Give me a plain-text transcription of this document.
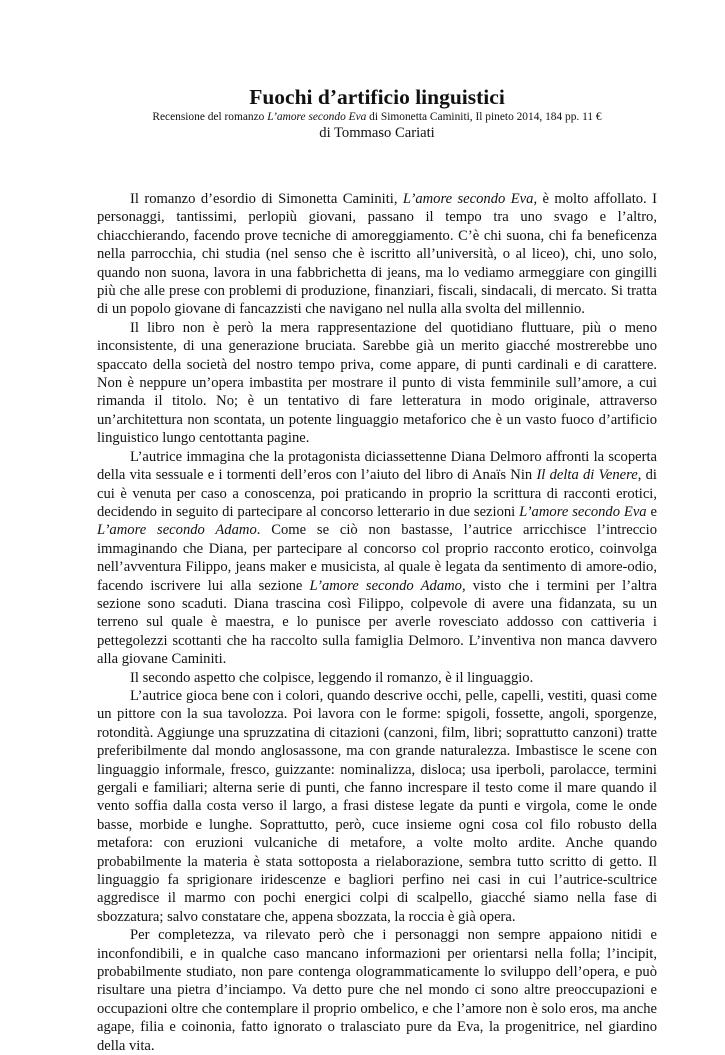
Fuochi d’artificio linguistici

Recensione del romanzo L’amore secondo Eva di Simonetta Caminiti, Il pineto 2014, 184 pp. 11 €

di Tommaso Cariati

Il romanzo d’esordio di Simonetta Caminiti, L’amore secondo Eva, è molto affollato. I personaggi, tantissimi, perlopiù giovani, passano il tempo tra uno svago e l’altro, chiacchierando, facendo prove tecniche di amoreggiamento. C’è chi suona, chi fa beneficenza nella parrocchia, chi studia (nel senso che è iscritto all’università, o al liceo), chi, uno solo, quando non suona, lavora in una fabbrichetta di jeans, ma lo vediamo armeggiare con gingilli più che alle prese con problemi di produzione, finanziari, fiscali, sindacali, di mercato. Si tratta di un popolo giovane di fancazzisti che navigano nel nulla alla svolta del millennio.

Il libro non è però la mera rappresentazione del quotidiano fluttuare, più o meno inconsistente, di una generazione bruciata. Sarebbe già un merito giacché mostrerebbe uno spaccato della società del nostro tempo priva, come appare, di punti cardinali e di carattere. Non è neppure un’opera imbastita per mostrare il punto di vista femminile sull’amore, a cui rimanda il titolo. No; è un tentativo di fare letteratura in modo originale, attraverso un’architettura non scontata, un potente linguaggio metaforico che è un vasto fuoco d’artificio linguistico lungo centottanta pagine.

L’autrice immagina che la protagonista diciassettenne Diana Delmoro affronti la scoperta della vita sessuale e i tormenti dell’eros con l’aiuto del libro di Anaïs Nin Il delta di Venere, di cui è venuta per caso a conoscenza, poi praticando in proprio la scrittura di racconti erotici, decidendo in seguito di partecipare al concorso letterario in due sezioni L’amore secondo Eva e L’amore secondo Adamo. Come se ciò non bastasse, l’autrice arricchisce l’intreccio immaginando che Diana, per partecipare al concorso col proprio racconto erotico, coinvolga nell’avventura Filippo, jeans maker e musicista, al quale è legata da sentimento di amore-odio, facendo iscrivere lui alla sezione L’amore secondo Adamo, visto che i termini per l’altra sezione sono scaduti. Diana trascina così Filippo, colpevole di avere una fidanzata, su un terreno sul quale è maestra, e lo punisce per averle rovesciato addosso con cattiveria i pettegolezzi scottanti che ha raccolto sulla famiglia Delmoro. L’inventiva non manca davvero alla giovane Caminiti.

Il secondo aspetto che colpisce, leggendo il romanzo, è il linguaggio.

L’autrice gioca bene con i colori, quando descrive occhi, pelle, capelli, vestiti, quasi come un pittore con la sua tavolozza. Poi lavora con le forme: spigoli, fossette, angoli, sporgenze, rotondità. Aggiunge una spruzzatina di citazioni (canzoni, film, libri; soprattutto canzoni) tratte preferibilmente dal mondo anglosassone, ma con grande naturalezza. Imbastisce le scene con linguaggio informale, fresco, guizzante: nominalizza, disloca; usa iperboli, parolacce, termini gergali e familiari; alterna serie di punti, che fanno increspare il testo come il mare quando il vento soffia dalla costa verso il largo, a frasi distese legate da punti e virgola, come le onde basse, morbide e lunghe. Soprattutto, però, cuce insieme ogni cosa col filo robusto della metafora: con eruzioni vulcaniche di metafore, a volte molto ardite. Anche quando probabilmente la materia è stata sottoposta a rielaborazione, sembra tutto scritto di getto. Il linguaggio fa sprigionare iridescenze e bagliori perfino nei casi in cui l’autrice-scultrice aggredisce il marmo con pochi energici colpi di scalpello, giacché siamo nella fase di sbozzatura; salvo constatare che, appena sbozzata, la roccia è già opera.

Per completezza, va rilevato però che i personaggi non sempre appaiono nitidi e inconfondibili, e in qualche caso mancano informazioni per orientarsi nella folla; l’incipit, probabilmente studiato, non pare contenga ologrammaticamente lo sviluppo dell’opera, e può risultare una pietra d’inciampo. Va detto pure che nel mondo ci sono altre preoccupazioni e occupazioni oltre che contemplare il proprio ombelico, e che l’amore non è solo eros, ma anche agape, filia e coinonia, fatto ignorato o tralasciato pure da Eva, la progenitrice, nel giardino della vita.
